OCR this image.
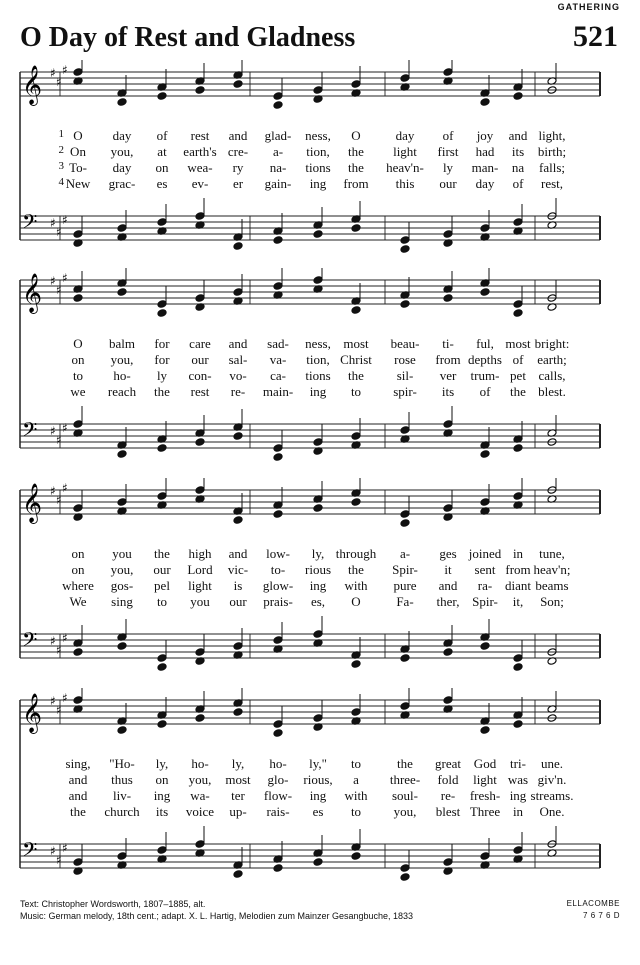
GATHERING
O Day of Rest and Gladness	521
𝄞 ♯
♯
♯
𝄢 ♯
♯
♯
1 O day of rest and glad- ness, O	day of joy and light,
2 On you, at earth's cre- a- tion, the light first had its birth;
3 To- day on wea- ry na- tions the heav'n- ly man- na falls;
4 New grac- es ev- er gain- ing from this our day of rest,
𝄞 ♯
♯
♯
𝄢 ♯
♯
♯
O balm for care and sad- ness, most beau- ti- ful, most bright:
on you, for our sal- va- tion, Christ rose from depths of earth;
to ho- ly con- vo- ca- tions the	sil- ver trum- pet calls,
we reach the rest re- main- ing to spir- its of the blest.
𝄞 ♯
♯
♯
𝄢 ♯
♯
♯
on you the high and low- ly, through a- ges joined in tune,
on you, our Lord vic- to- rious the Spir- it sent from heav'n;
where gos- pel light is glow- ing with pure and ra- diant beams
We sing to you our prais- es, O	Fa- ther, Spir- it, Son;
𝄞 ♯
♯
♯
𝄢 ♯
♯
♯
sing, "Ho- ly, ho- ly, ho- ly," to	the great God tri- une.
and thus on you, most glo- rious, a three- fold light was giv'n.
and liv- ing wa- ter flow- ing with soul- re- fresh- ing streams.
the church its voice up- rais- es to	you, blest Three in One.
Text: Christopher Wordsworth, 1807–1885, alt.
Music: German melody, 18th cent.; adapt. X. L. Hartig, Melodien zum Mainzer Gesangbuche, 1833
ELLACOMBE
7 6 7 6 D
